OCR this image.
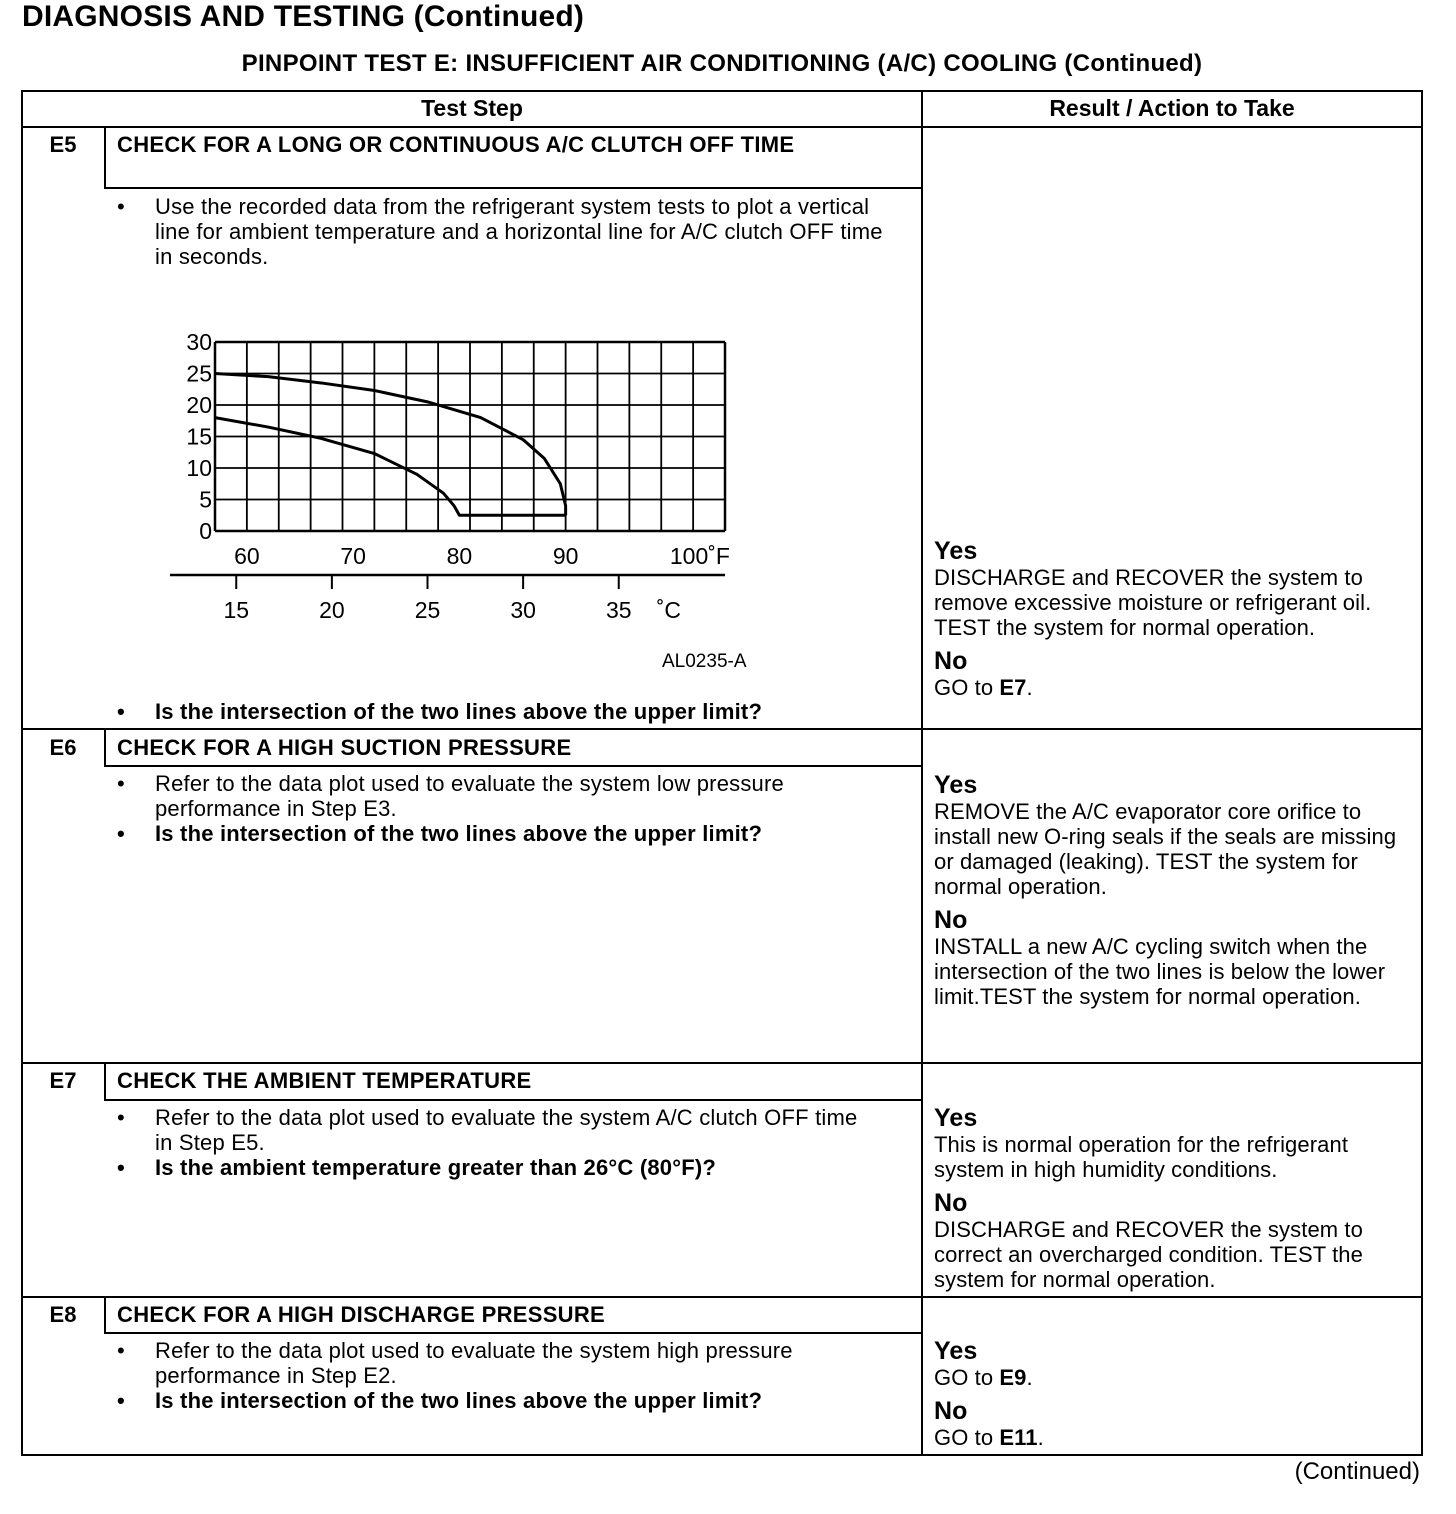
DIAGNOSIS AND TESTING (Continued)
PINPOINT TEST E: INSUFFICIENT AIR CONDITIONING (A/C) COOLING (Continued)
Test Step	Result / Action to Take
E5	CHECK FOR A LONG OR CONTINUOUS A/C CLUTCH OFF TIME
• Use the recorded data from the refrigerant system tests to plot a vertical line for ambient temperature and a horizontal line for A/C clutch OFF time in seconds.
0
5
10
15
20
25
30
60	70	80	90	100˚F
15	20	25	30	35 ˚C
AL0235-A
• Is the intersection of the two lines above the upper limit?
Yes
DISCHARGE and RECOVER the system to remove excessive moisture or refrigerant oil. TEST the system for normal operation.
No
GO to E7.
E6	CHECK FOR A HIGH SUCTION PRESSURE
• Refer to the data plot used to evaluate the system low pressure performance in Step E3.
• Is the intersection of the two lines above the upper limit?
Yes
REMOVE the A/C evaporator core orifice to install new O-ring seals if the seals are missing or damaged (leaking). TEST the system for normal operation.
No
INSTALL a new A/C cycling switch when the intersection of the two lines is below the lower limit.TEST the system for normal operation.
E7	CHECK THE AMBIENT TEMPERATURE
• Refer to the data plot used to evaluate the system A/C clutch OFF time in Step E5.
• Is the ambient temperature greater than 26°C (80°F)?
Yes
This is normal operation for the refrigerant system in high humidity conditions.
No
DISCHARGE and RECOVER the system to correct an overcharged condition. TEST the system for normal operation.
E8	CHECK FOR A HIGH DISCHARGE PRESSURE
• Refer to the data plot used to evaluate the system high pressure performance in Step E2.
• Is the intersection of the two lines above the upper limit?
Yes
GO to E9.
No
GO to E11.
(Continued)
